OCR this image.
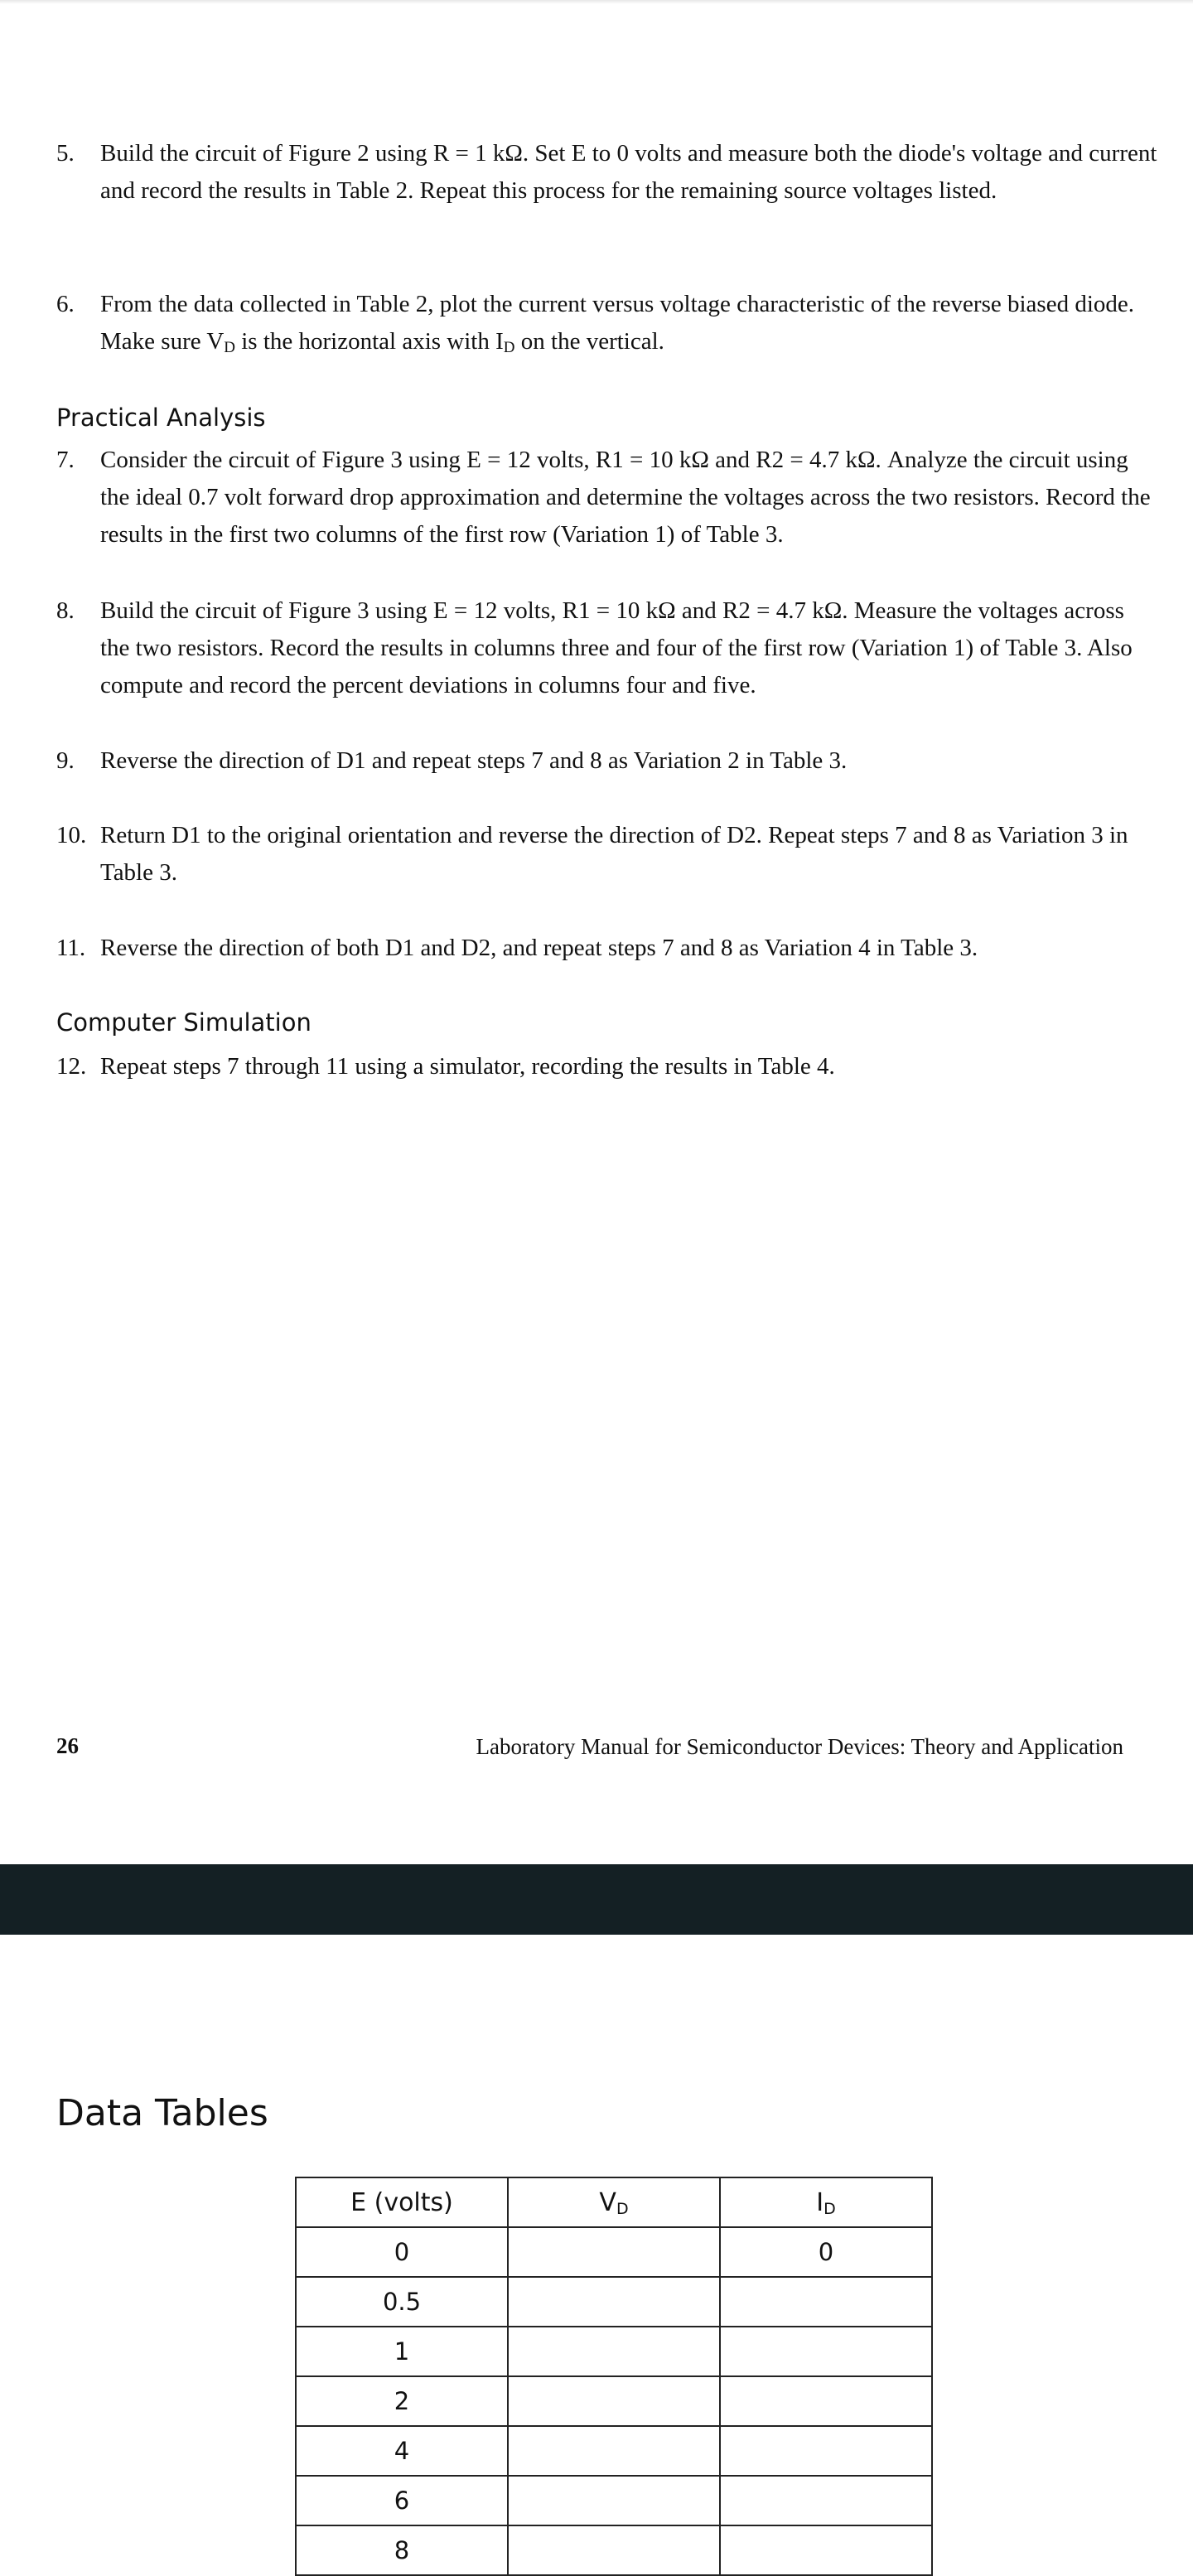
5. Build the circuit of Figure 2 using R = 1 kΩ. Set E to 0 volts and measure both the diode's voltage and current and record the results in Table 2. Repeat this process for the remaining source voltages listed.
6. From the data collected in Table 2, plot the current versus voltage characteristic of the reverse biased diode. Make sure $V_D$ is the horizontal axis with $I_D$ on the vertical.
Practical Analysis
7. Consider the circuit of Figure 3 using E = 12 volts, R1 = 10 kΩ and R2 = 4.7 kΩ. Analyze the circuit using the ideal 0.7 volt forward drop approximation and determine the voltages across the two resistors. Record the results in the first two columns of the first row (Variation 1) of Table 3.
8. Build the circuit of Figure 3 using E = 12 volts, R1 = 10 kΩ and R2 = 4.7 kΩ. Measure the voltages across the two resistors. Record the results in columns three and four of the first row (Variation 1) of Table 3. Also compute and record the percent deviations in columns four and five.
9. Reverse the direction of D1 and repeat steps 7 and 8 as Variation 2 in Table 3.
10. Return D1 to the original orientation and reverse the direction of D2. Repeat steps 7 and 8 as Variation 3 in Table 3.
11. Reverse the direction of both D1 and D2, and repeat steps 7 and 8 as Variation 4 in Table 3.
Computer Simulation
12. Repeat steps 7 through 11 using a simulator, recording the results in Table 4.
26	Laboratory Manual for Semiconductor Devices: Theory and Application
Data Tables
E (volts)	$V_D$	$I_D$
0		0
0.5		
1		
2		
4		
6		
8		
